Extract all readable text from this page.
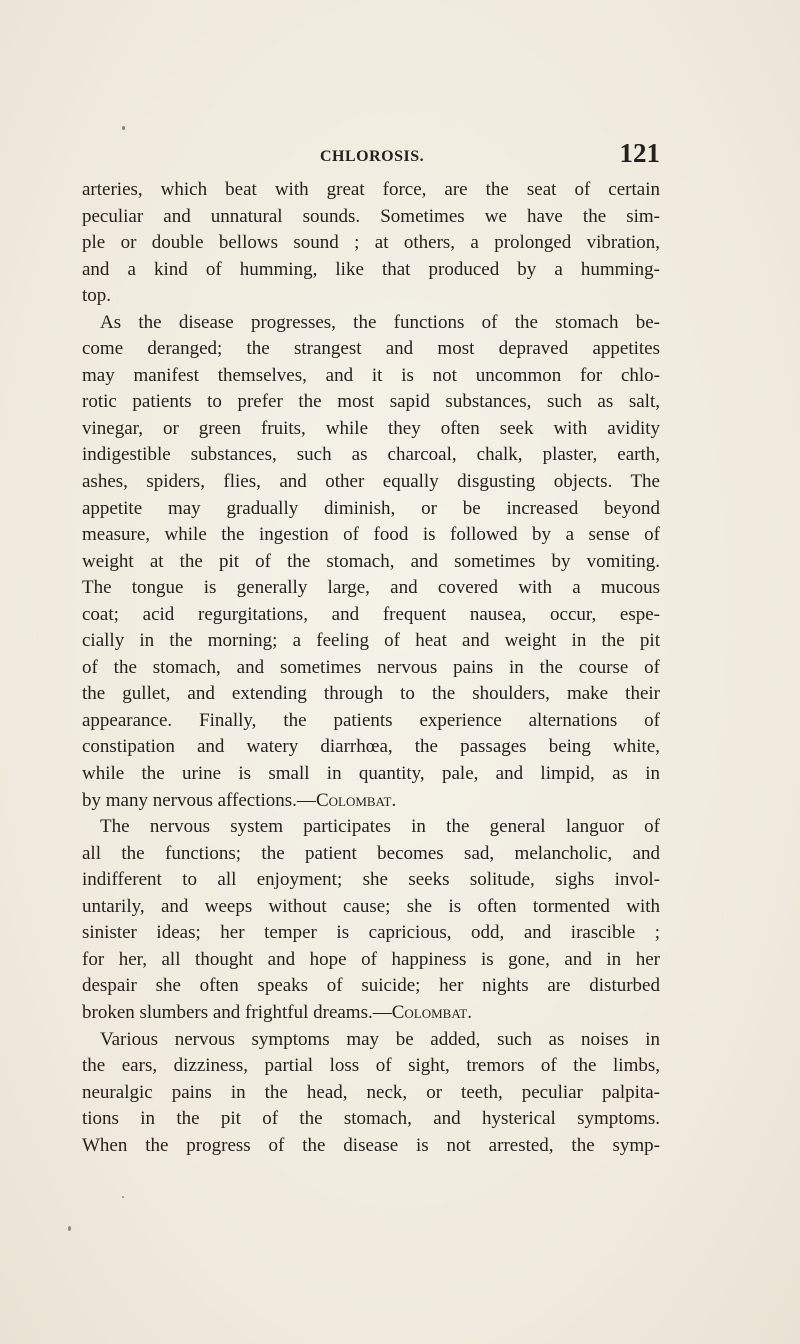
CHLOROSIS.	121
arteries, which beat with great force, are the seat of certain
peculiar and unnatural sounds. Sometimes we have the sim-
ple or double bellows sound ; at others, a prolonged vibration,
and a kind of humming, like that produced by a humming-
top.
As the disease progresses, the functions of the stomach be-
come deranged; the strangest and most depraved appetites
may manifest themselves, and it is not uncommon for chlo-
rotic patients to prefer the most sapid substances, such as salt,
vinegar, or green fruits, while they often seek with avidity
indigestible substances, such as charcoal, chalk, plaster, earth,
ashes, spiders, flies, and other equally disgusting objects. The
appetite may gradually diminish, or be increased beyond
measure, while the ingestion of food is followed by a sense of
weight at the pit of the stomach, and sometimes by vomiting.
The tongue is generally large, and covered with a mucous
coat; acid regurgitations, and frequent nausea, occur, espe-
cially in the morning; a feeling of heat and weight in the pit
of the stomach, and sometimes nervous pains in the course of
the gullet, and extending through to the shoulders, make their
appearance. Finally, the patients experience alternations of
constipation and watery diarrhœa, the passages being white,
while the urine is small in quantity, pale, and limpid, as in
by many nervous affections.—Colombat.
The nervous system participates in the general languor of
all the functions; the patient becomes sad, melancholic, and
indifferent to all enjoyment; she seeks solitude, sighs invol-
untarily, and weeps without cause; she is often tormented with
sinister ideas; her temper is capricious, odd, and irascible ;
for her, all thought and hope of happiness is gone, and in her
despair she often speaks of suicide; her nights are disturbed
broken slumbers and frightful dreams.—Colombat.
Various nervous symptoms may be added, such as noises in
the ears, dizziness, partial loss of sight, tremors of the limbs,
neuralgic pains in the head, neck, or teeth, peculiar palpita-
tions in the pit of the stomach, and hysterical symptoms.
When the progress of the disease is not arrested, the symp-
